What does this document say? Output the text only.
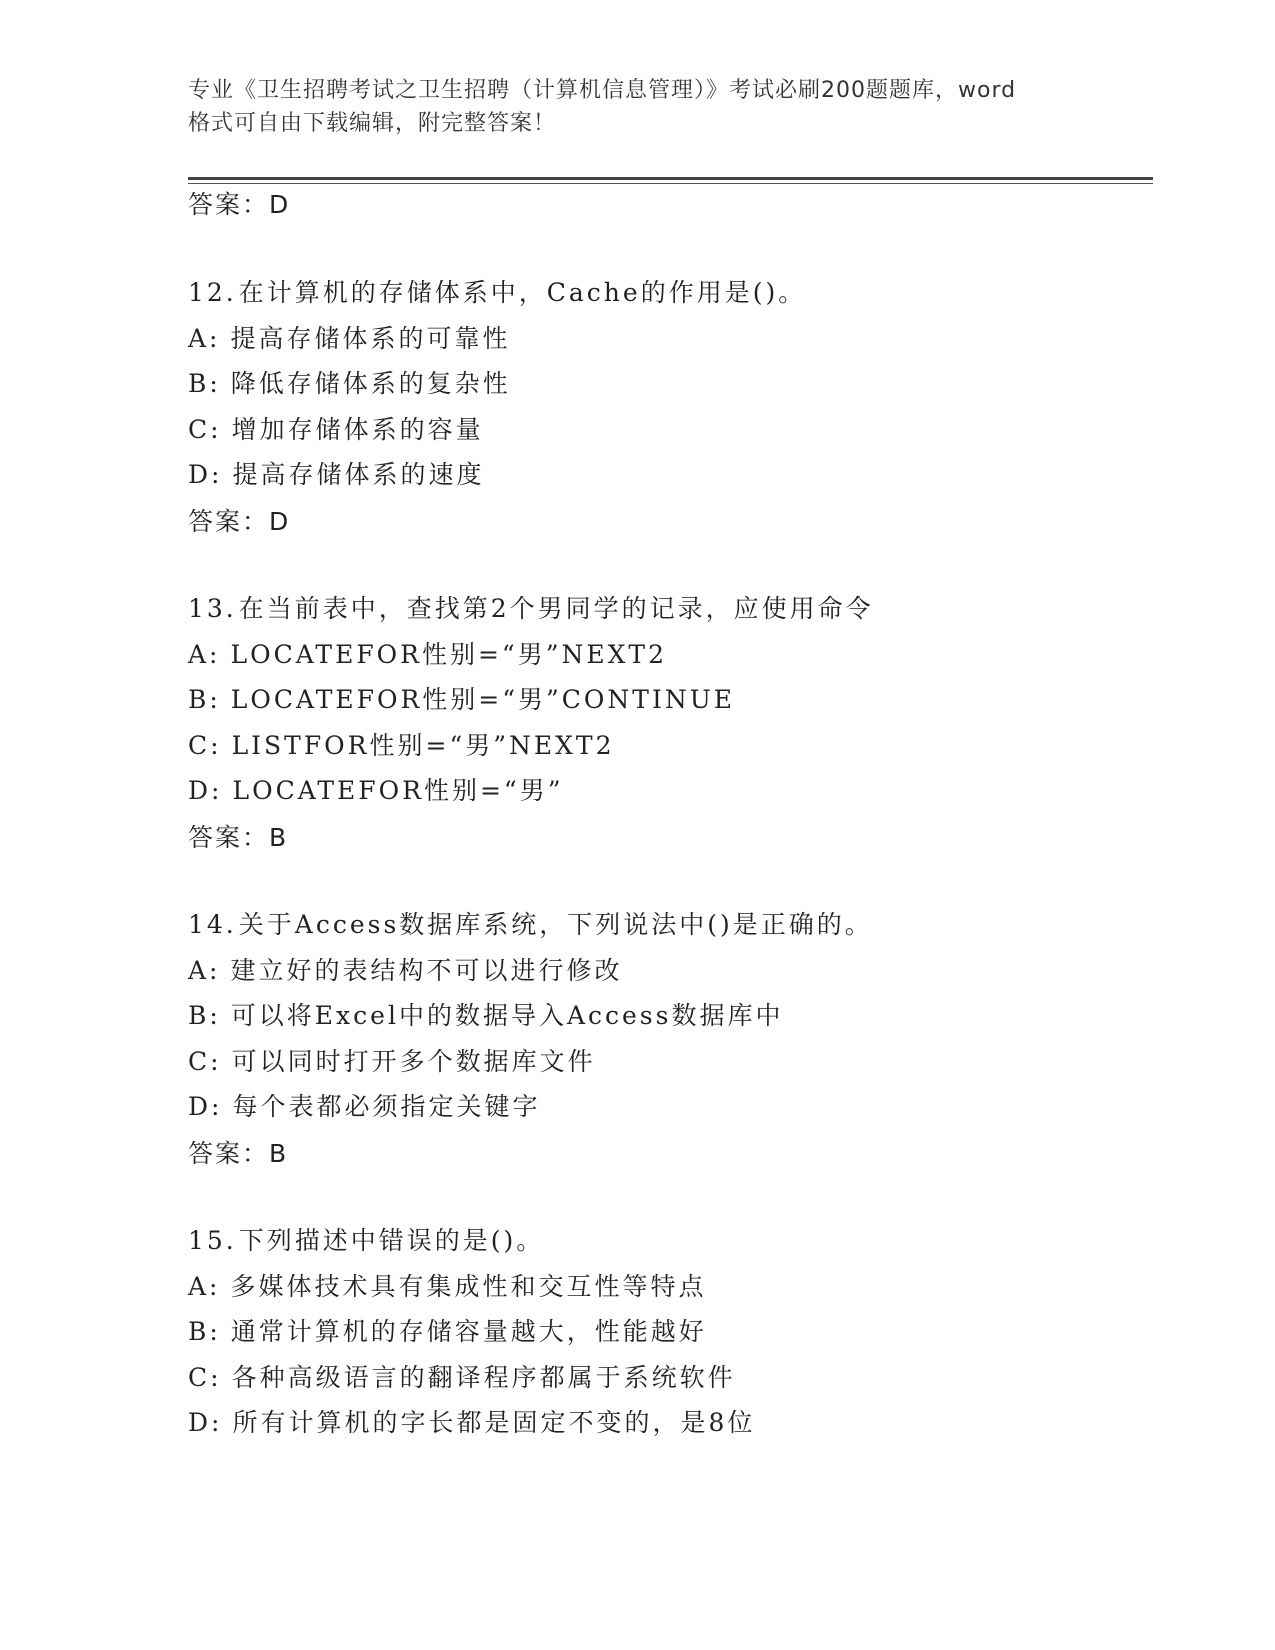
专业《卫生招聘考试之卫生招聘（计算机信息管理）》考试必刷200题题库，word
格式可自由下载编辑，附完整答案！
答案：D
12.在计算机的存储体系中，Cache的作用是()。
A: 提高存储体系的可靠性
B: 降低存储体系的复杂性
C: 增加存储体系的容量
D: 提高存储体系的速度
答案：D
13.在当前表中，查找第2个男同学的记录，应使用命令
A: LOCATEFOR性别=“男”NEXT2
B: LOCATEFOR性别=“男”CONTINUE
C: LISTFOR性别=“男”NEXT2
D: LOCATEFOR性别=“男”
答案：B
14.关于Access数据库系统，下列说法中()是正确的。
A: 建立好的表结构不可以进行修改
B: 可以将Excel中的数据导入Access数据库中
C: 可以同时打开多个数据库文件
D: 每个表都必须指定关键字
答案：B
15.下列描述中错误的是()。
A: 多媒体技术具有集成性和交互性等特点
B: 通常计算机的存储容量越大，性能越好
C: 各种高级语言的翻译程序都属于系统软件
D: 所有计算机的字长都是固定不变的，是8位
